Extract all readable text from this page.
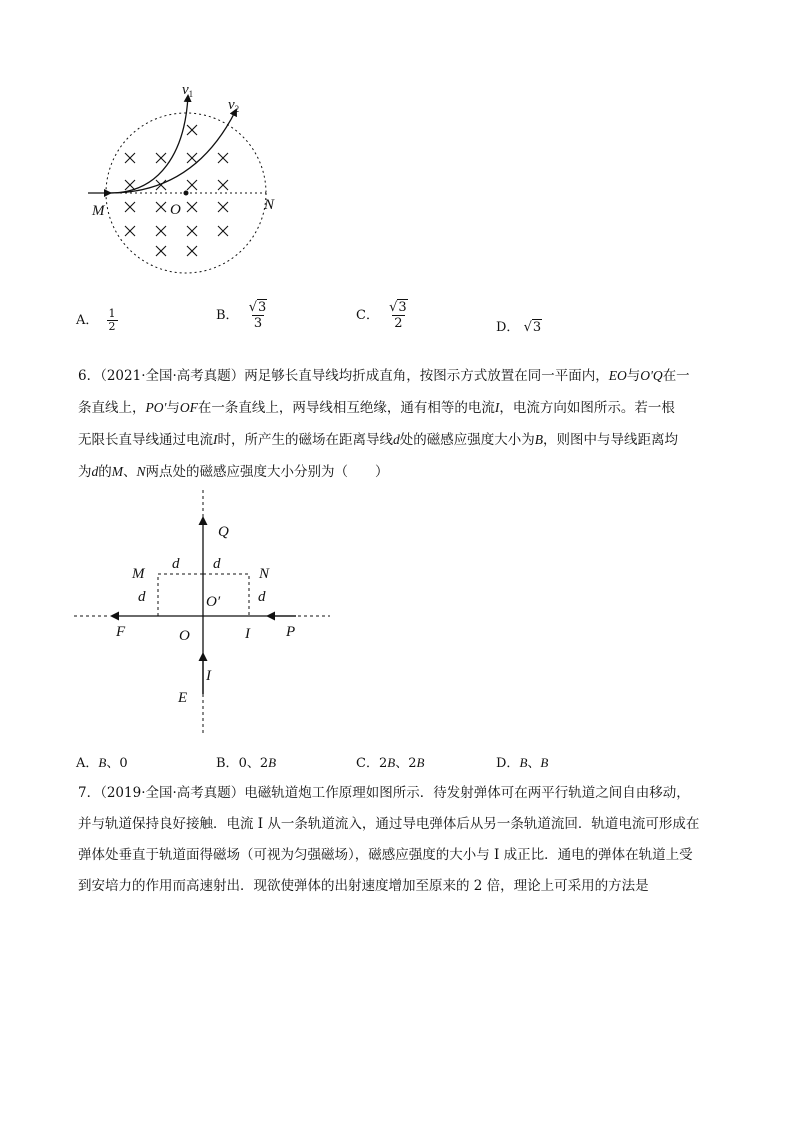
$v_1$
$v_2$
M	O	N
A． $\frac{1}{2}$	B． $\frac{√3}{3}$	C． $\frac{√3}{2}$	D． √3
6．（2021·全国·高考真题）两足够长直导线均折成直角，按图示方式放置在同一平面内，EO与O'Q在一
条直线上，PO'与OF在一条直线上，两导线相互绝缘，通有相等的电流I，电流方向如图所示。若一根
无限长直导线通过电流I时，所产生的磁场在距离导线d处的磁感应强度大小为B，则图中与导线距离均
为d的M、N两点处的磁感应强度大小分别为（　　）
Q
M	N
d d
d	d
O′
F	O	I P
I
E
A．B、0	B．0、2B	C．2B、2B	D．B、B
7．（2019·全国·高考真题）电磁轨道炮工作原理如图所示．待发射弹体可在两平行轨道之间自由移动，
并与轨道保持良好接触．电流 I 从一条轨道流入，通过导电弹体后从另一条轨道流回．轨道电流可形成在
弹体处垂直于轨道面得磁场（可视为匀强磁场），磁感应强度的大小与 I 成正比．通电的弹体在轨道上受
到安培力的作用而高速射出．现欲使弹体的出射速度增加至原来的 2 倍，理论上可采用的方法是
